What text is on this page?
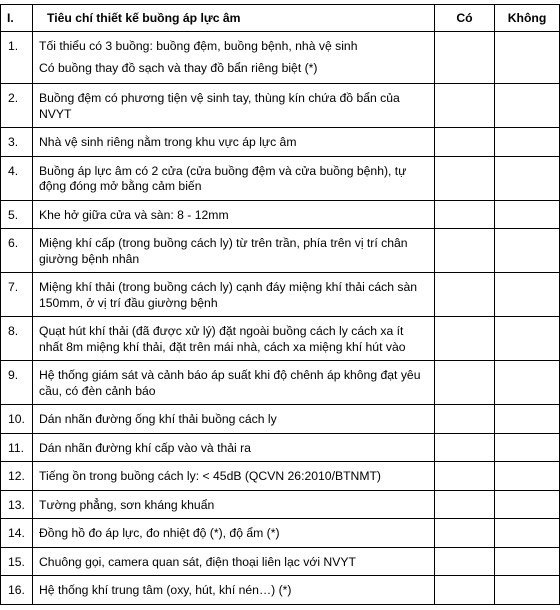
I.	Tiêu chí thiết kế buồng áp lực âm	Có	Không
1.	Tối thiểu có 3 buồng: buồng đệm, buồng bệnh, nhà vệ sinh
Có buồng thay đồ sạch và thay đồ bẩn riêng biệt (*)		

2.	Buồng đệm có phương tiện vệ sinh tay, thùng kín chứa đồ bẩn của NVYT		
3.	Nhà vệ sinh riêng nằm trong khu vực áp lực âm		
4.	Buồng áp lực âm có 2 cửa (cửa buồng đệm và cửa buồng bệnh), tự động đóng mở bằng cảm biến		
5.	Khe hở giữa cửa và sàn: 8 - 12mm		
6.	Miệng khí cấp (trong buồng cách ly) từ trên trần, phía trên vị trí chân giường bệnh nhân		
7.	Miệng khí thải (trong buồng cách ly) cạnh đáy miệng khí thải cách sàn 150mm, ở vị trí đầu giường bệnh		
8.	Quạt hút khí thải (đã được xử lý) đặt ngoài buồng cách ly cách xa ít nhất 8m miệng khí thải, đặt trên mái nhà, cách xa miệng khí hút vào		
9.	Hệ thống giám sát và cảnh báo áp suất khi độ chênh áp không đạt yêu cầu, có đèn cảnh báo		
10.	Dán nhãn đường ống khí thải buồng cách ly		
11.	Dán nhãn đường khí cấp vào và thải ra		
12.	Tiếng ồn trong buồng cách ly: < 45dB (QCVN 26:2010/BTNMT)		
13.	Tường phẳng, sơn kháng khuẩn		
14.	Đồng hồ đo áp lực, đo nhiệt độ (*), độ ẩm (*)		
15.	Chuông gọi, camera quan sát, điện thoại liên lạc với NVYT		
16.	Hệ thống khí trung tâm (oxy, hút, khí nén…) (*)		
